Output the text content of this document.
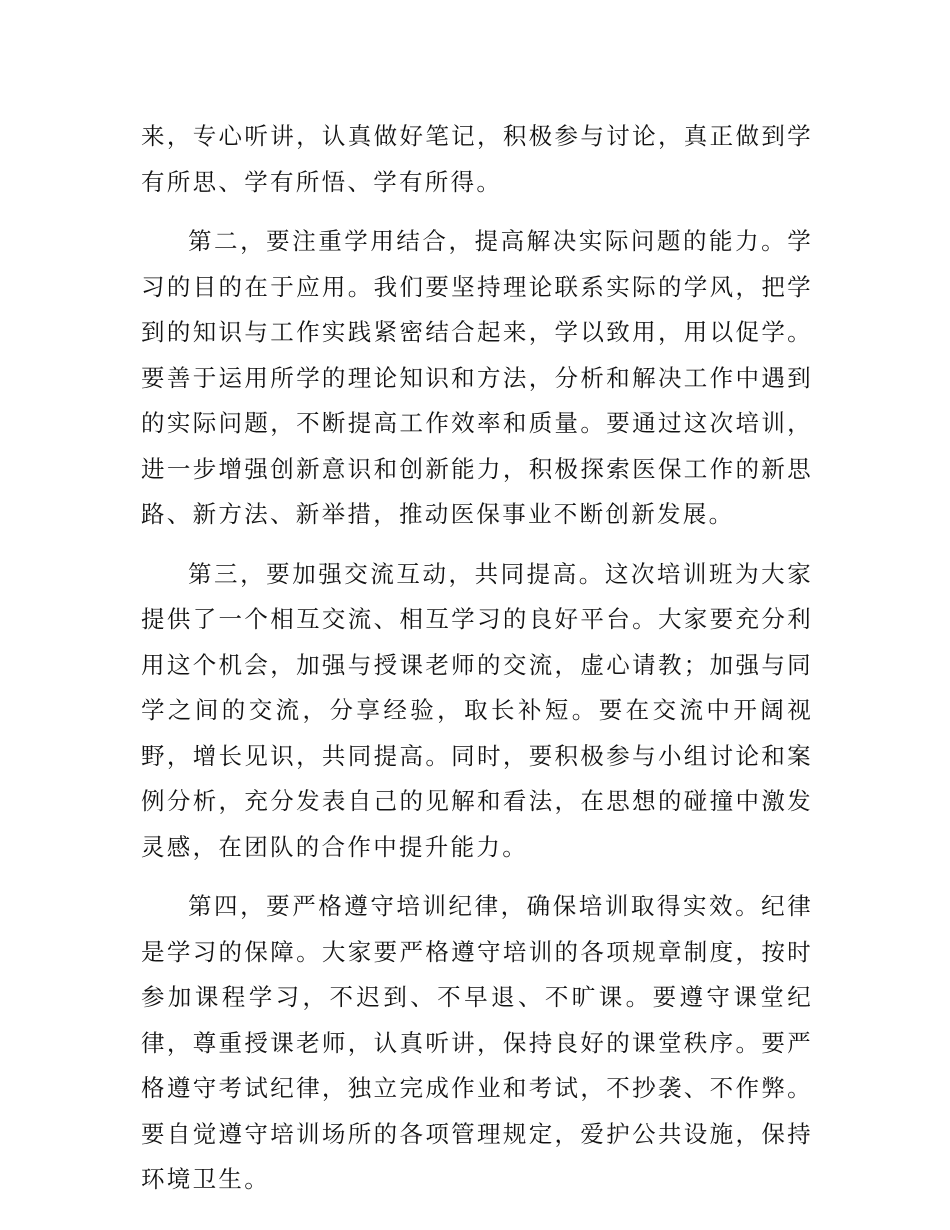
来，专心听讲，认真做好笔记，积极参与讨论，真正做到学有所思、学有所悟、学有所得。

第二，要注重学用结合，提高解决实际问题的能力。学习的目的在于应用。我们要坚持理论联系实际的学风，把学到的知识与工作实践紧密结合起来，学以致用，用以促学。要善于运用所学的理论知识和方法，分析和解决工作中遇到的实际问题，不断提高工作效率和质量。要通过这次培训，进一步增强创新意识和创新能力，积极探索医保工作的新思路、新方法、新举措，推动医保事业不断创新发展。

第三，要加强交流互动，共同提高。这次培训班为大家提供了一个相互交流、相互学习的良好平台。大家要充分利用这个机会，加强与授课老师的交流，虚心请教；加强与同学之间的交流，分享经验，取长补短。要在交流中开阔视野，增长见识，共同提高。同时，要积极参与小组讨论和案例分析，充分发表自己的见解和看法，在思想的碰撞中激发灵感，在团队的合作中提升能力。

第四，要严格遵守培训纪律，确保培训取得实效。纪律是学习的保障。大家要严格遵守培训的各项规章制度，按时参加课程学习，不迟到、不早退、不旷课。要遵守课堂纪律，尊重授课老师，认真听讲，保持良好的课堂秩序。要严格遵守考试纪律，独立完成作业和考试，不抄袭、不作弊。要自觉遵守培训场所的各项管理规定，爱护公共设施，保持环境卫生。
